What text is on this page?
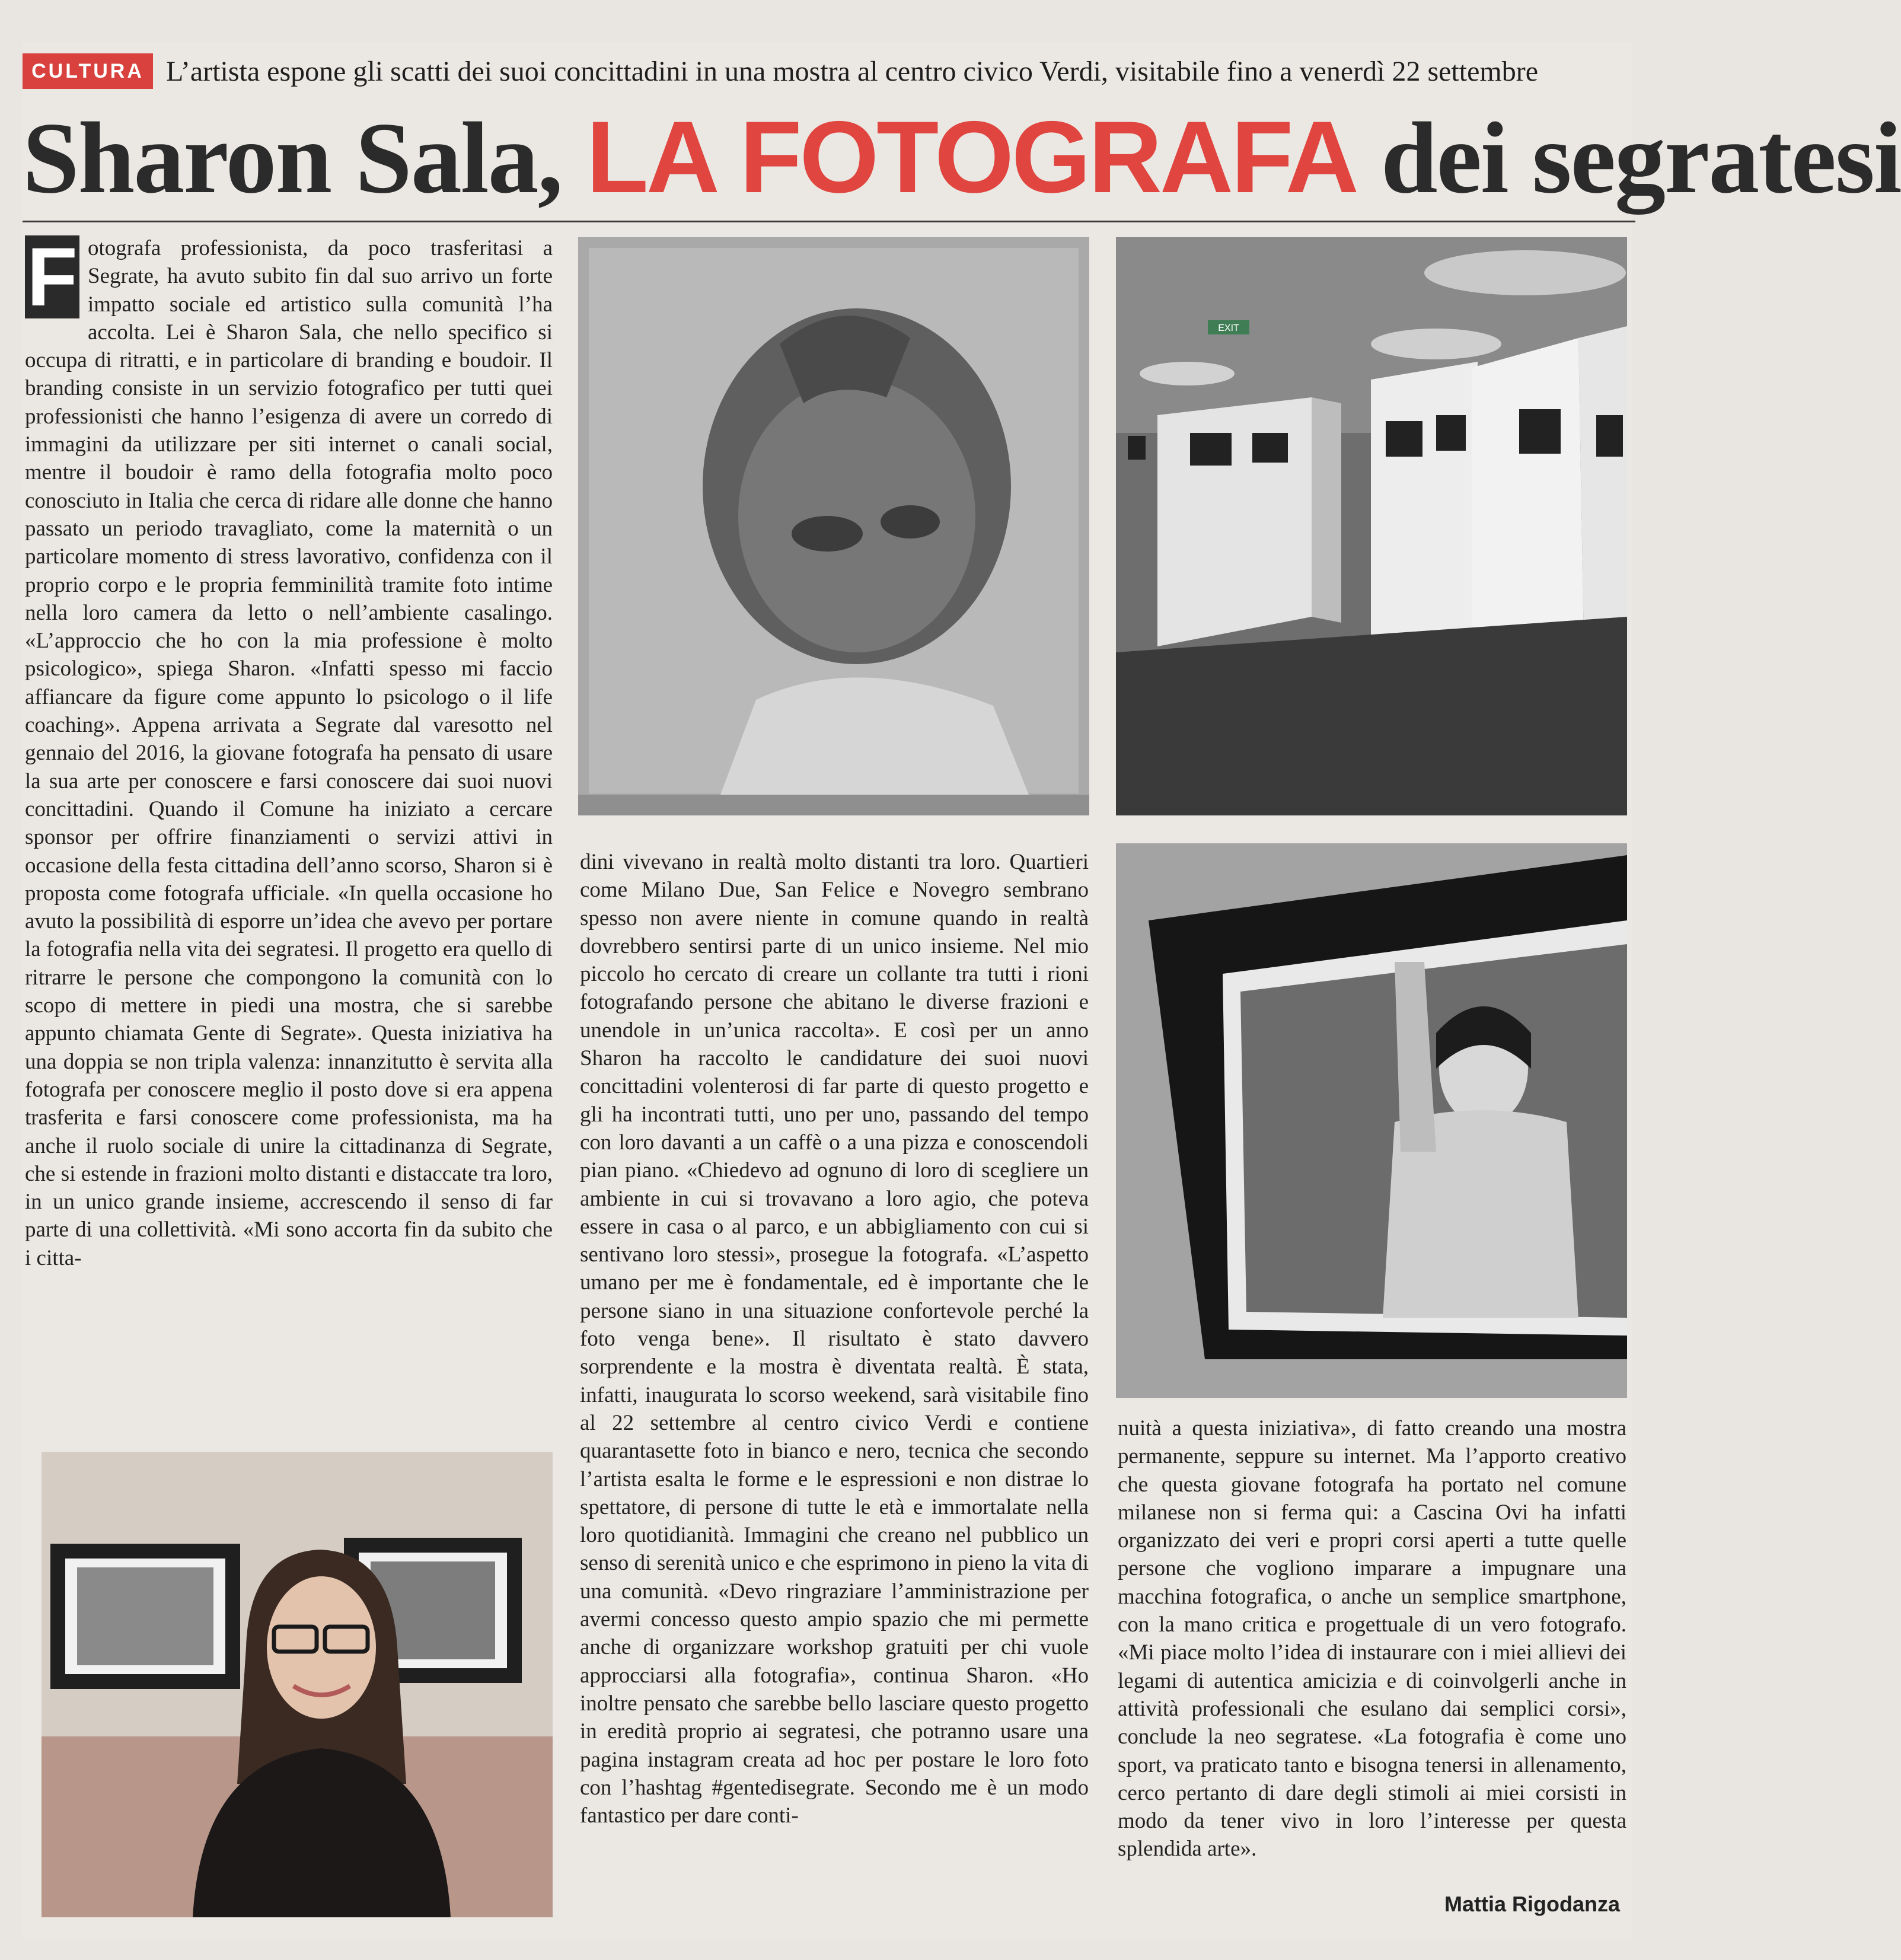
CULTURA L’artista espone gli scatti dei suoi concittadini in una mostra al centro civico Verdi, visitabile fino a venerdì 22 settembre
Sharon Sala, LA FOTOGRAFA dei segratesi
F otografa professionista, da poco trasferitasi a Segrate, ha avuto subito fin dal suo arrivo un forte impatto sociale ed artistico sulla comunità l’ha accolta. Lei è Sharon Sala, che nello specifico si occupa di ritratti, e in particolare di branding e boudoir. Il branding consiste in un servizio fotografico per tutti quei professionisti che hanno l’esigenza di avere un corredo di immagini da utilizzare per siti internet o canali social, mentre il boudoir è ramo della fotografia molto poco conosciuto in Italia che cerca di ridare alle donne che hanno passato un periodo travagliato, come la maternità o un particolare momento di stress lavorativo, confidenza con il proprio corpo e le propria femminilità tramite foto intime nella loro camera da letto o nell’ambiente casalingo. «L’approccio che ho con la mia professione è molto psicologico», spiega Sharon. «Infatti spesso mi faccio affiancare da figure come appunto lo psicologo o il life coaching». Appena arrivata a Segrate dal varesotto nel gennaio del 2016, la giovane fotografa ha pensato di usare la sua arte per conoscere e farsi conoscere dai suoi nuovi concittadini. Quando il Comune ha iniziato a cercare sponsor per offrire finanziamenti o servizi attivi in occasione della festa cittadina dell’anno scorso, Sharon si è proposta come fotografa ufficiale. «In quella occasione ho avuto la possibilità di esporre un’idea che avevo per portare la fotografia nella vita dei segratesi. Il progetto era quello di ritrarre le persone che compongono la comunità con lo scopo di mettere in piedi una mostra, che si sarebbe appunto chiamata Gente di Segrate». Questa iniziativa ha una doppia se non tripla valenza: innanzitutto è servita alla fotografa per conoscere meglio il posto dove si era appena trasferita e farsi conoscere come professionista, ma ha anche il ruolo sociale di unire la cittadinanza di Segrate, che si estende in frazioni molto distanti e distaccate tra loro, in un unico grande insieme, accrescendo il senso di far parte di una collettività. «Mi sono accorta fin da subito che i citta-

EXIT

dini vivevano in realtà molto distanti tra loro. Quartieri come Milano Due, San Felice e Novegro sembrano spesso non avere niente in comune quando in realtà dovrebbero sentirsi parte di un unico insieme. Nel mio piccolo ho cercato di creare un collante tra tutti i rioni fotografando persone che abitano le diverse frazioni e unendole in un’unica raccolta». E così per un anno Sharon ha raccolto le candidature dei suoi nuovi concittadini volenterosi di far parte di questo progetto e gli ha incontrati tutti, uno per uno, passando del tempo con loro davanti a un caffè o a una pizza e conoscendoli pian piano. «Chiedevo ad ognuno di loro di scegliere un ambiente in cui si trovavano a loro agio, che poteva essere in casa o al parco, e un abbigliamento con cui si sentivano loro stessi», prosegue la fotografa. «L’aspetto umano per me è fondamentale, ed è importante che le persone siano in una situazione confortevole perché la foto venga bene». Il risultato è stato davvero sorprendente e la mostra è diventata realtà. È stata, infatti, inaugurata lo scorso weekend, sarà visitabile fino al 22 settembre al centro civico Verdi e contiene quarantasette foto in bianco e nero, tecnica che secondo l’artista esalta le forme e le espressioni e non distrae lo spettatore, di persone di tutte le età e immortalate nella loro quotidianità. Immagini che creano nel pubblico un senso di serenità unico e che esprimono in pieno la vita di una comunità. «Devo ringraziare l’amministrazione per avermi concesso questo ampio spazio che mi permette anche di organizzare workshop gratuiti per chi vuole approcciarsi alla fotografia», continua Sharon. «Ho inoltre pensato che sarebbe bello lasciare questo progetto in eredità proprio ai segratesi, che potranno usare una pagina instagram creata ad hoc per postare le loro foto con l’hashtag #gentedisegrate. Secondo me è un modo fantastico per dare conti-

nuità a questa iniziativa», di fatto creando una mostra permanente, seppure su internet. Ma l’apporto creativo che questa giovane fotografa ha portato nel comune milanese non si ferma qui: a Cascina Ovi ha infatti organizzato dei veri e propri corsi aperti a tutte quelle persone che vogliono imparare a impugnare una macchina fotografica, o anche un semplice smartphone, con la mano critica e progettuale di un vero fotografo. «Mi piace molto l’idea di instaurare con i miei allievi dei legami di autentica amicizia e di coinvolgerli anche in attività professionali che esulano dai semplici corsi», conclude la neo segratese. «La fotografia è come uno sport, va praticato tanto e bisogna tenersi in allenamento, cerco pertanto di dare degli stimoli ai miei corsisti in modo da tener vivo in loro l’interesse per questa splendida arte».

Mattia Rigodanza
